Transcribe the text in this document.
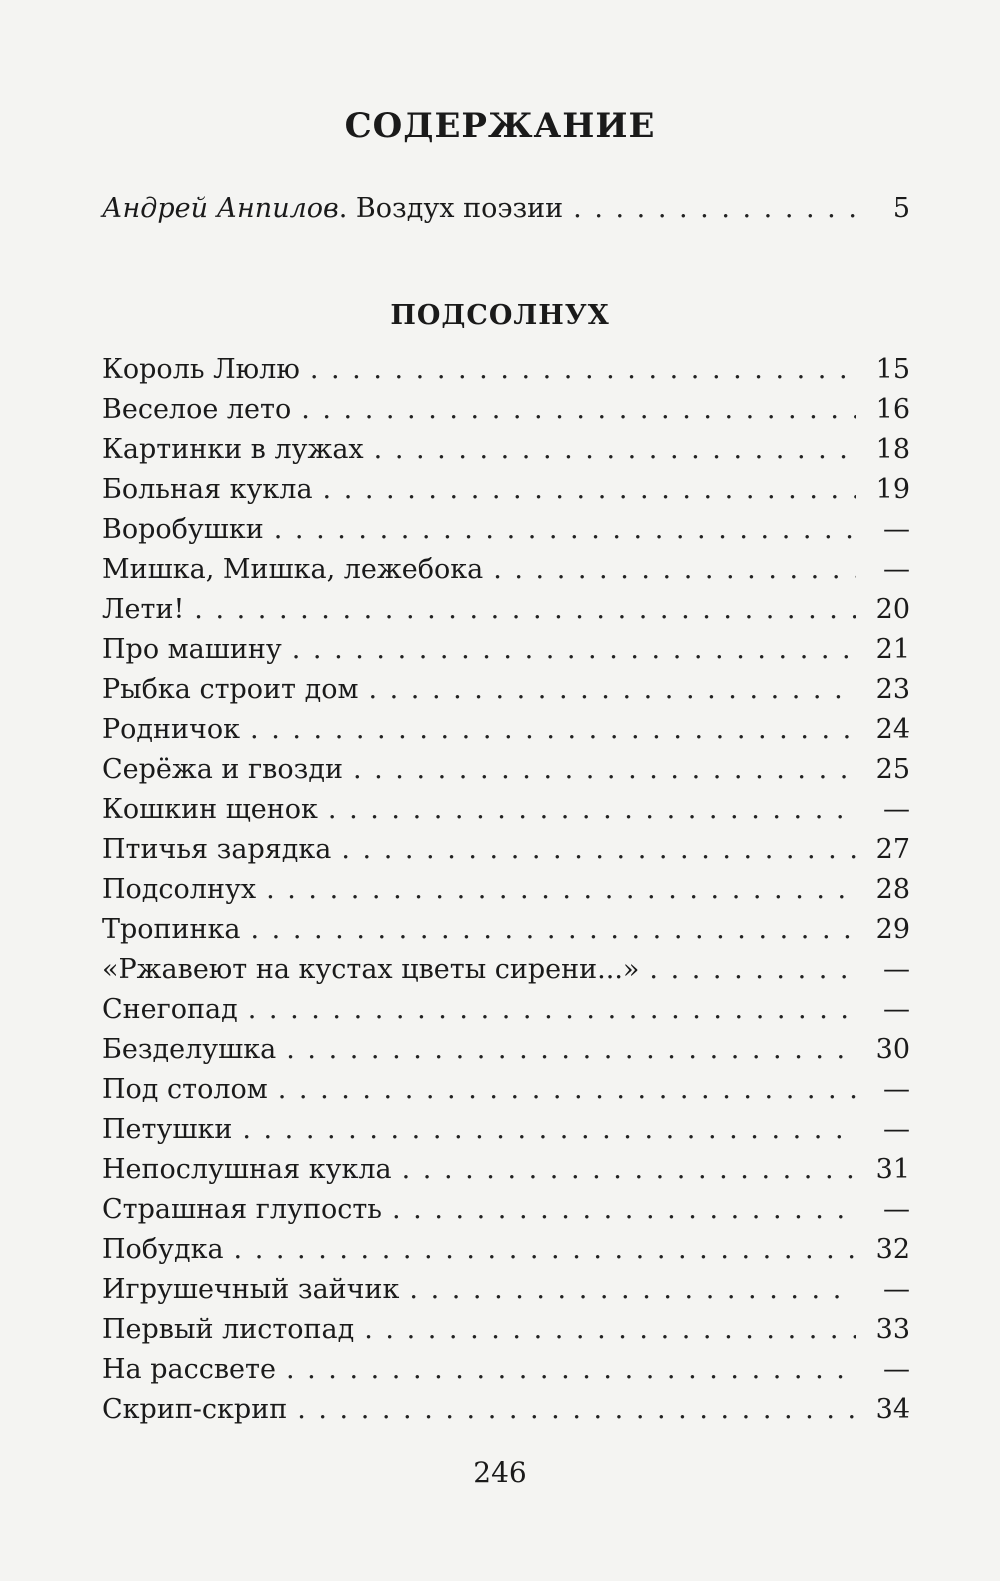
СОДЕРЖАНИЕ
Андрей Анпилов. Воздух поэзии . . .	5
ПОДСОЛНУХ
Король Люлю . . .	15
Веселое лето . . .	16
Картинки в лужах . . .	18
Больная кукла . . .	19
Воробушки . . .	—
Мишка, Мишка, лежебока . . .	—
Лети! . . .	20
Про машину . . .	21
Рыбка строит дом . . .	23
Родничок . . .	24
Серёжа и гвозди . . .	25
Кошкин щенок . . .	—
Птичья зарядка . . .	27
Подсолнух . . .	28
Тропинка . . .	29
«Ржавеют на кустах цветы сирени...» . . .	—
Снегопад . . .	—
Безделушка . . .	30
Под столом . . .	—
Петушки . . .	—
Непослушная кукла . . .	31
Страшная глупость . . .	—
Побудка . . .	32
Игрушечный зайчик . . .	—
Первый листопад . . .	33
На рассвете . . .	—
Скрип-скрип . . .	34
246
